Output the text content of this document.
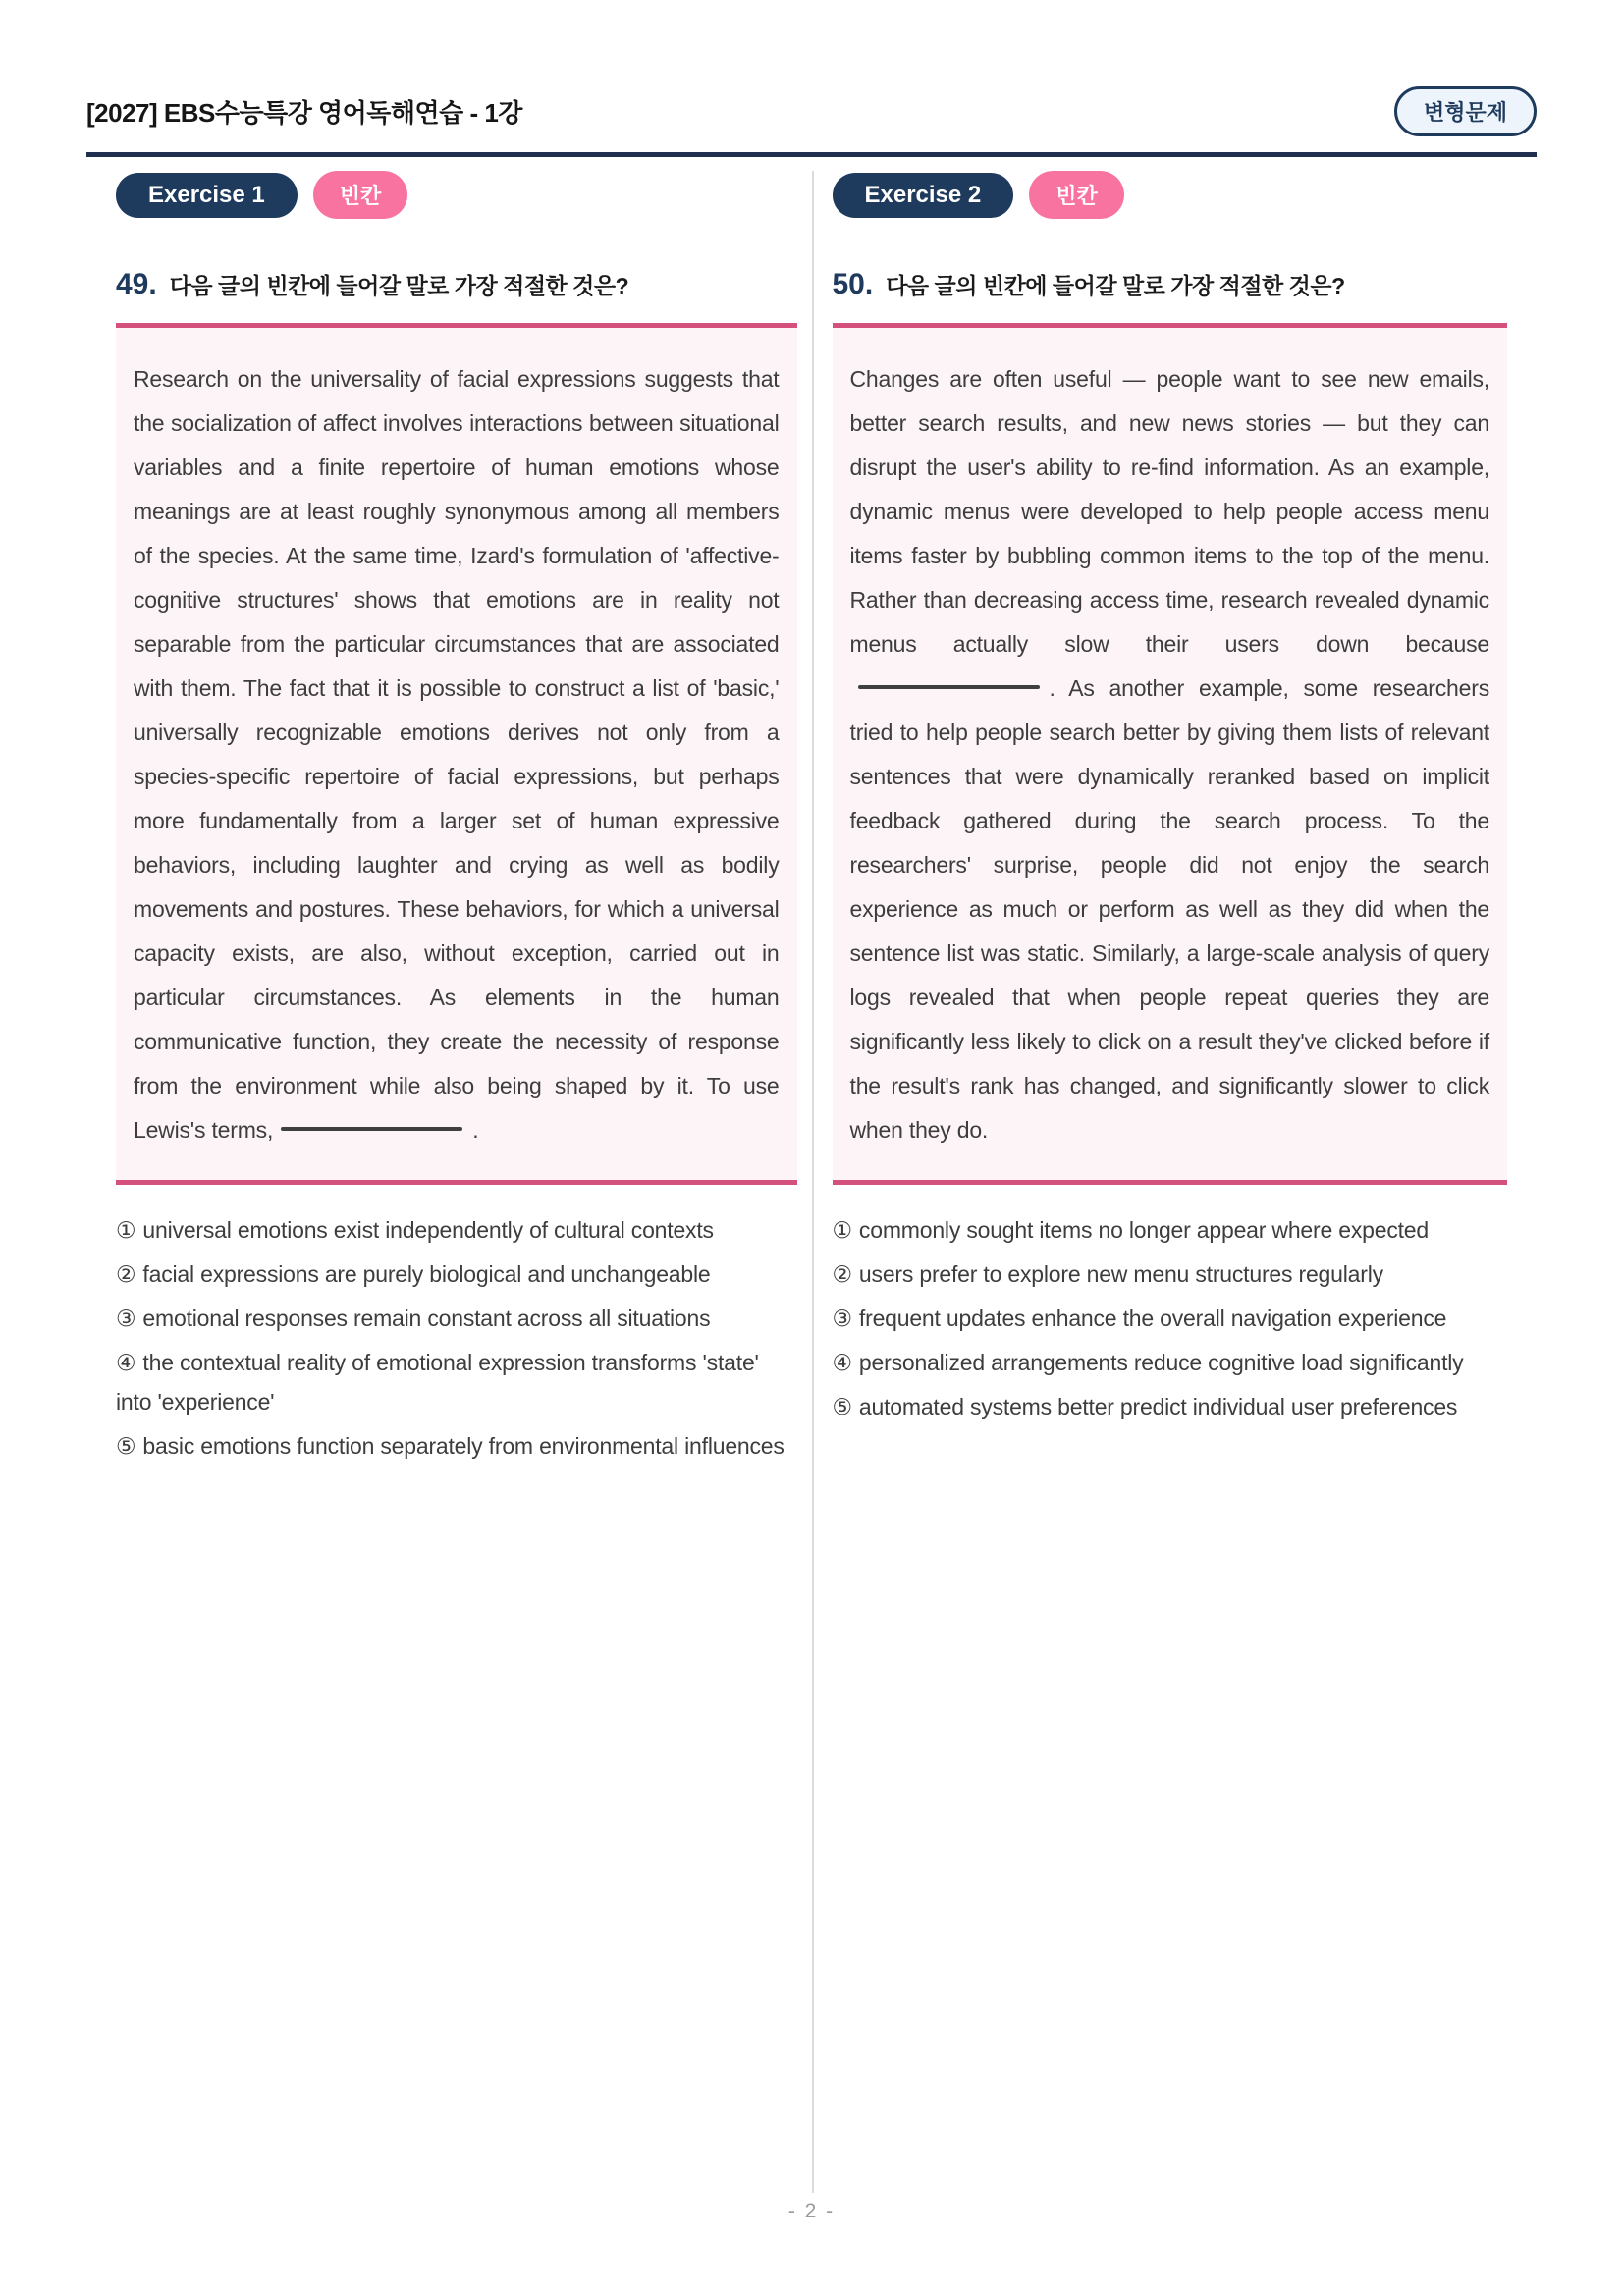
[2027] EBS수능특강 영어독해연습 - 1강	변형문제
Exercise 1	빈칸
49. 다음 글의 빈칸에 들어갈 말로 가장 적절한 것은?
Research on the universality of facial expressions suggests that the socialization of affect involves interactions between situational variables and a finite repertoire of human emotions whose meanings are at least roughly synonymous among all members of the species. At the same time, Izard's formulation of 'affective-cognitive structures' shows that emotions are in reality not separable from the particular circumstances that are associated with them. The fact that it is possible to construct a list of 'basic,' universally recognizable emotions derives not only from a species-specific repertoire of facial expressions, but perhaps more fundamentally from a larger set of human expressive behaviors, including laughter and crying as well as bodily movements and postures. These behaviors, for which a universal capacity exists, are also, without exception, carried out in particular circumstances. As elements in the human communicative function, they create the necessity of response from the environment while also being shaped by it. To use Lewis's terms,	.
① universal emotions exist independently of cultural contexts
② facial expressions are purely biological and unchangeable
③ emotional responses remain constant across all situations
④ the contextual reality of emotional expression transforms 'state' into 'experience'
⑤ basic emotions function separately from environmental influences
Exercise 2	빈칸
50. 다음 글의 빈칸에 들어갈 말로 가장 적절한 것은?
Changes are often useful — people want to see new emails, better search results, and new news stories — but they can disrupt the user's ability to re-find information. As an example, dynamic menus were developed to help people access menu items faster by bubbling common items to the top of the menu. Rather than decreasing access time, research revealed dynamic menus actually slow their users down because. As another example, some researchers tried to help people search better by giving them lists of relevant sentences that were dynamically reranked based on implicit feedback gathered during the search process. To the researchers' surprise, people did not enjoy the search experience as much or perform as well as they did when the sentence list was static. Similarly, a large-scale analysis of query logs revealed that when people repeat queries they are significantly less likely to click on a result they've clicked before if the result's rank has changed, and significantly slower to click when they do.
① commonly sought items no longer appear where expected
② users prefer to explore new menu structures regularly
③ frequent updates enhance the overall navigation experience
④ personalized arrangements reduce cognitive load significantly
⑤ automated systems better predict individual user preferences
- 2 -
